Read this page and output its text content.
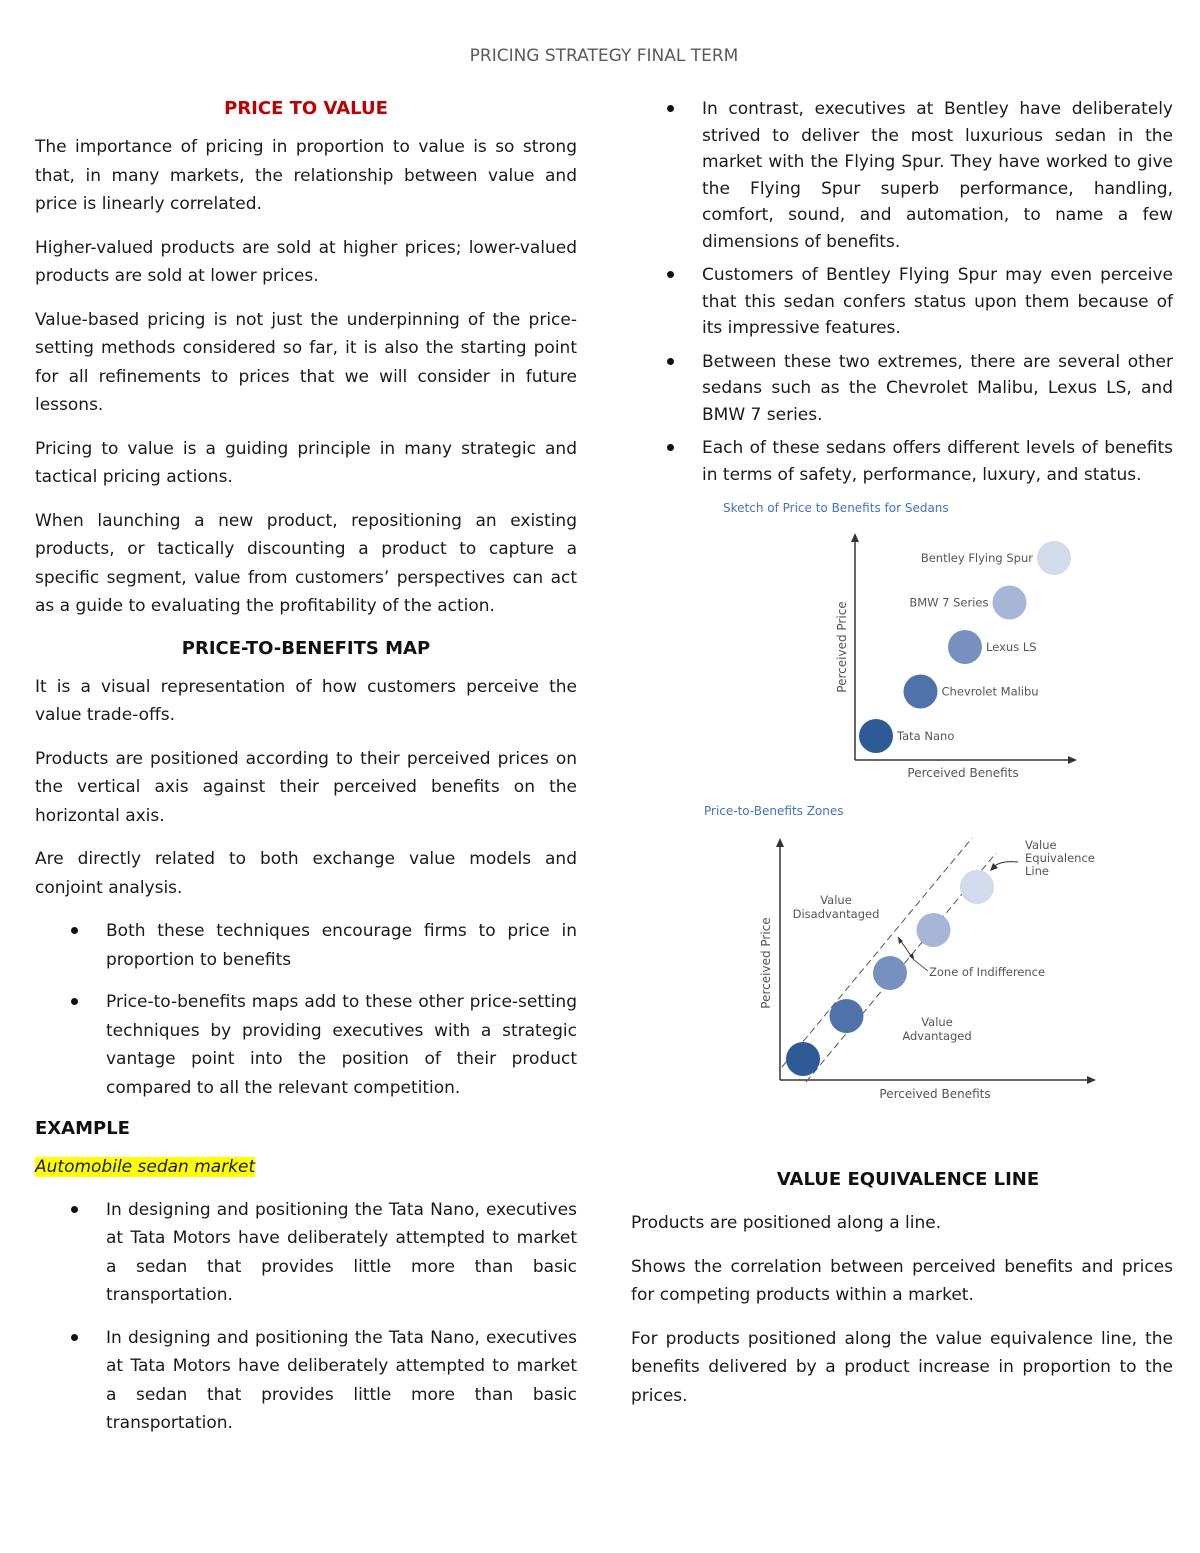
PRICING STRATEGY FINAL TERM
PRICE TO VALUE

The importance of pricing in proportion to value is so strong that, in many markets, the relationship between value and price is linearly correlated.

Higher-valued products are sold at higher prices; lower-valued products are sold at lower prices.

Value-based pricing is not just the underpinning of the price-setting methods considered so far, it is also the starting point for all refinements to prices that we will consider in future lessons.

Pricing to value is a guiding principle in many strategic and tactical pricing actions.

When launching a new product, repositioning an existing products, or tactically discounting a product to capture a specific segment, value from customers’ perspectives can act as a guide to evaluating the profitability of the action.

PRICE-TO-BENEFITS MAP

It is a visual representation of how customers perceive the value trade-offs.

Products are positioned according to their perceived prices on the vertical axis against their perceived benefits on the horizontal axis.

Are directly related to both exchange value models and conjoint analysis.

Both these techniques encourage firms to price in proportion to benefits
Price-to-benefits maps add to these other price-setting techniques by providing executives with a strategic vantage point into the position of their product compared to all the relevant competition.
EXAMPLE

Automobile sedan market

In designing and positioning the Tata Nano, executives at Tata Motors have deliberately attempted to market a sedan that provides little more than basic transportation.
In designing and positioning the Tata Nano, executives at Tata Motors have deliberately attempted to market a sedan that provides little more than basic transportation.
In contrast, executives at Bentley have deliberately strived to deliver the most luxurious sedan in the market with the Flying Spur. They have worked to give the Flying Spur superb performance, handling, comfort, sound, and automation, to name a few dimensions of benefits.
Customers of Bentley Flying Spur may even perceive that this sedan confers status upon them because of its impressive features.
Between these two extremes, there are several other sedans such as the Chevrolet Malibu, Lexus LS, and BMW 7 series.
Each of these sedans offers different levels of benefits in terms of safety, performance, luxury, and status.
Sketch of Price to Benefits for Sedans
Perceived Benefits
Perceived Price
Tata Nano
Chevrolet Malibu
Lexus LS
BMW 7 Series
Bentley Flying Spur
Price-to-Benefits Zones
Perceived Benefits
Perceived Price
Value Equivalence Line
Value Disadvantaged
Zone of Indifference
Value Advantaged
VALUE EQUIVALENCE LINE

Products are positioned along a line.

Shows the correlation between perceived benefits and prices for competing products within a market.

For products positioned along the value equivalence line, the benefits delivered by a product increase in proportion to the prices.
